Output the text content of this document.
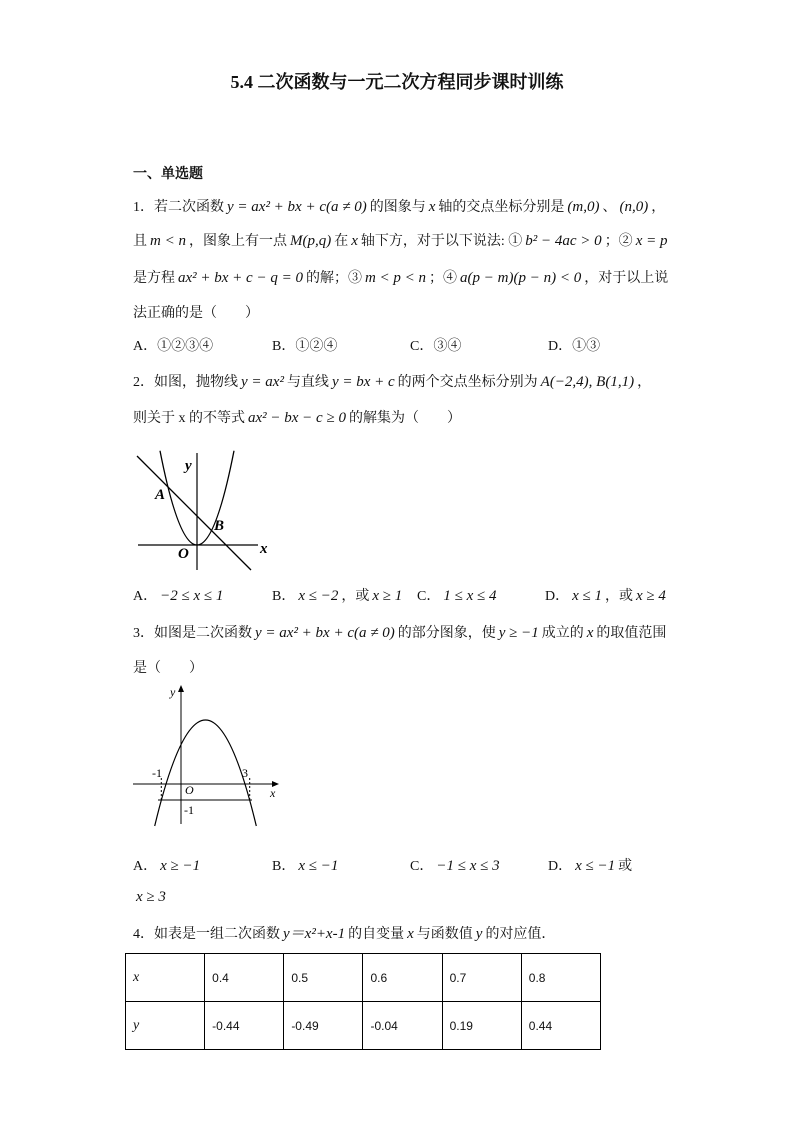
5.4 二次函数与一元二次方程同步课时训练
一、单选题
1．若二次函数 y = ax² + bx + c(a ≠ 0) 的图象与 x 轴的交点坐标分别是 (m,0) 、 (n,0) ，
且 m < n ，图象上有一点 M(p,q) 在 x 轴下方，对于以下说法: ① b² − 4ac > 0 ；② x = p
是方程 ax² + bx + c − q = 0 的解；③ m < p < n ；④ a(p − m)(p − n) < 0 ，对于以上说
法正确的是（　　）
A．①②③④	B．①②④	C．③④	D．①③
2．如图，抛物线 y = ax² 与直线 y = bx + c 的两个交点坐标分别为 A(−2,4), B(1,1) ，
则关于 x 的不等式 ax² − bx − c ≥ 0 的解集为（　　）
y
A
B
O	x
A． −2 ≤ x ≤ 1	B． x ≤ −2 ，或 x ≥ 1 C． 1 ≤ x ≤ 4	D． x ≤ 1 ，或 x ≥ 4
3．如图是二次函数 y = ax² + bx + c(a ≠ 0) 的部分图象，使 y ≥ −1 成立的 x 的取值范围
是（　　）
y
x
O
-1	3
-1
A． x ≥ −1	B． x ≤ −1	C． −1 ≤ x ≤ 3	D． x ≤ −1 或
x ≥ 3
4．如表是一组二次函数 y＝x²+x-1 的自变量 x 与函数值 y 的对应值．
x	0.4	0.5	0.6	0.7	0.8
y	-0.44	-0.49	-0.04	0.19	0.44
